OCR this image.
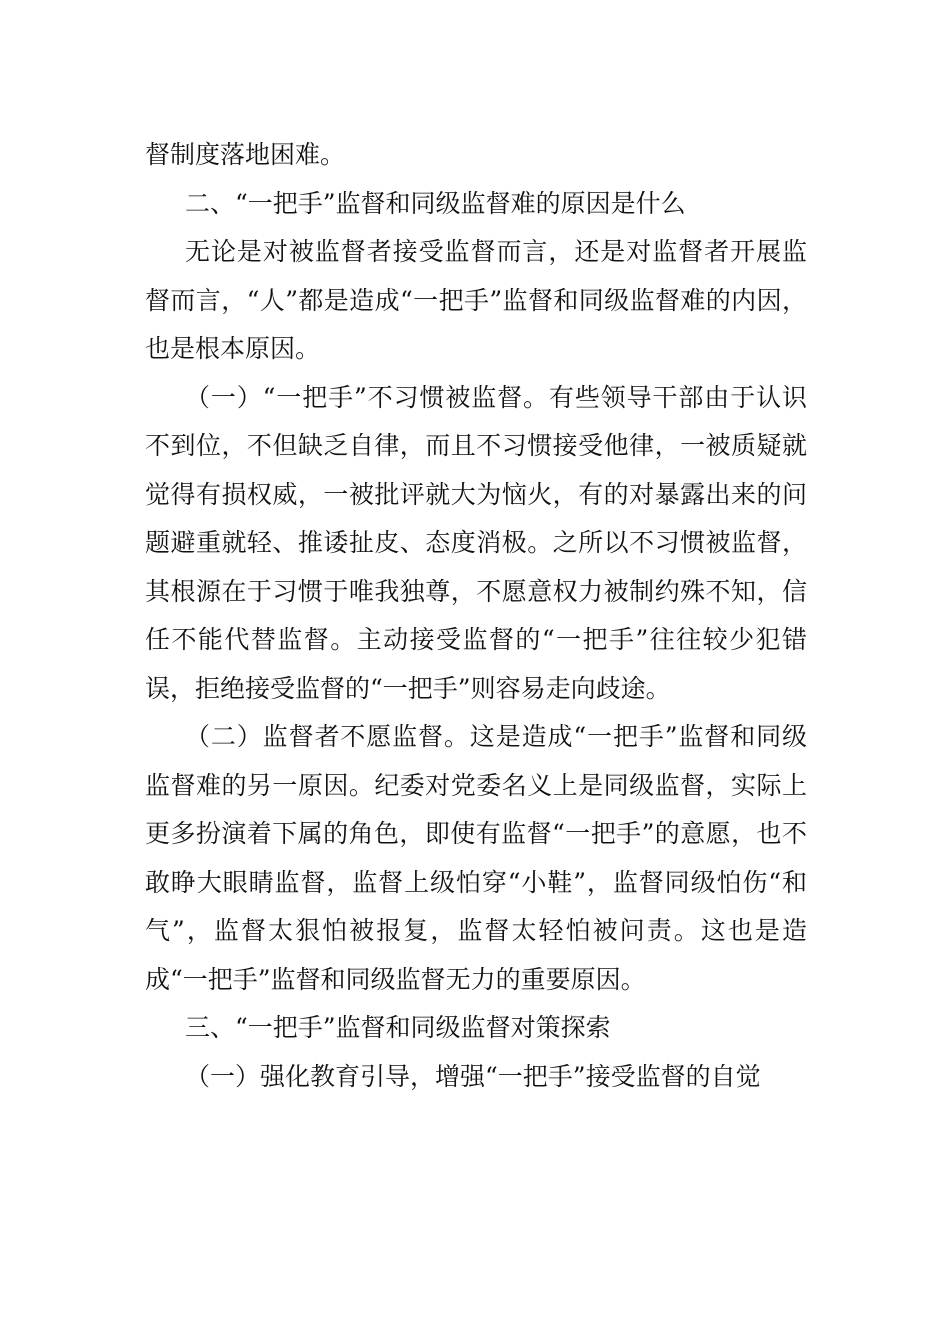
督制度落地困难。

二、“一把手”监督和同级监督难的原因是什么

无论是对被监督者接受监督而言，还是对监督者开展监督而言，“人”都是造成“一把手”监督和同级监督难的内因，也是根本原因。

（一）“一把手”不习惯被监督。有些领导干部由于认识不到位，不但缺乏自律，而且不习惯接受他律，一被质疑就觉得有损权威，一被批评就大为恼火，有的对暴露出来的问题避重就轻、推诿扯皮、态度消极。之所以不习惯被监督，其根源在于习惯于唯我独尊，不愿意权力被制约殊不知，信任不能代替监督。主动接受监督的“一把手”往往较少犯错误，拒绝接受监督的“一把手”则容易走向歧途。

（二）监督者不愿监督。这是造成“一把手”监督和同级监督难的另一原因。纪委对党委名义上是同级监督，实际上更多扮演着下属的角色，即使有监督“一把手”的意愿，也不敢睁大眼睛监督，监督上级怕穿“小鞋”，监督同级怕伤“和气”，监督太狠怕被报复，监督太轻怕被问责。这也是造成“一把手”监督和同级监督无力的重要原因。

三、“一把手”监督和同级监督对策探索

（一）强化教育引导，增强“一把手”接受监督的自觉
